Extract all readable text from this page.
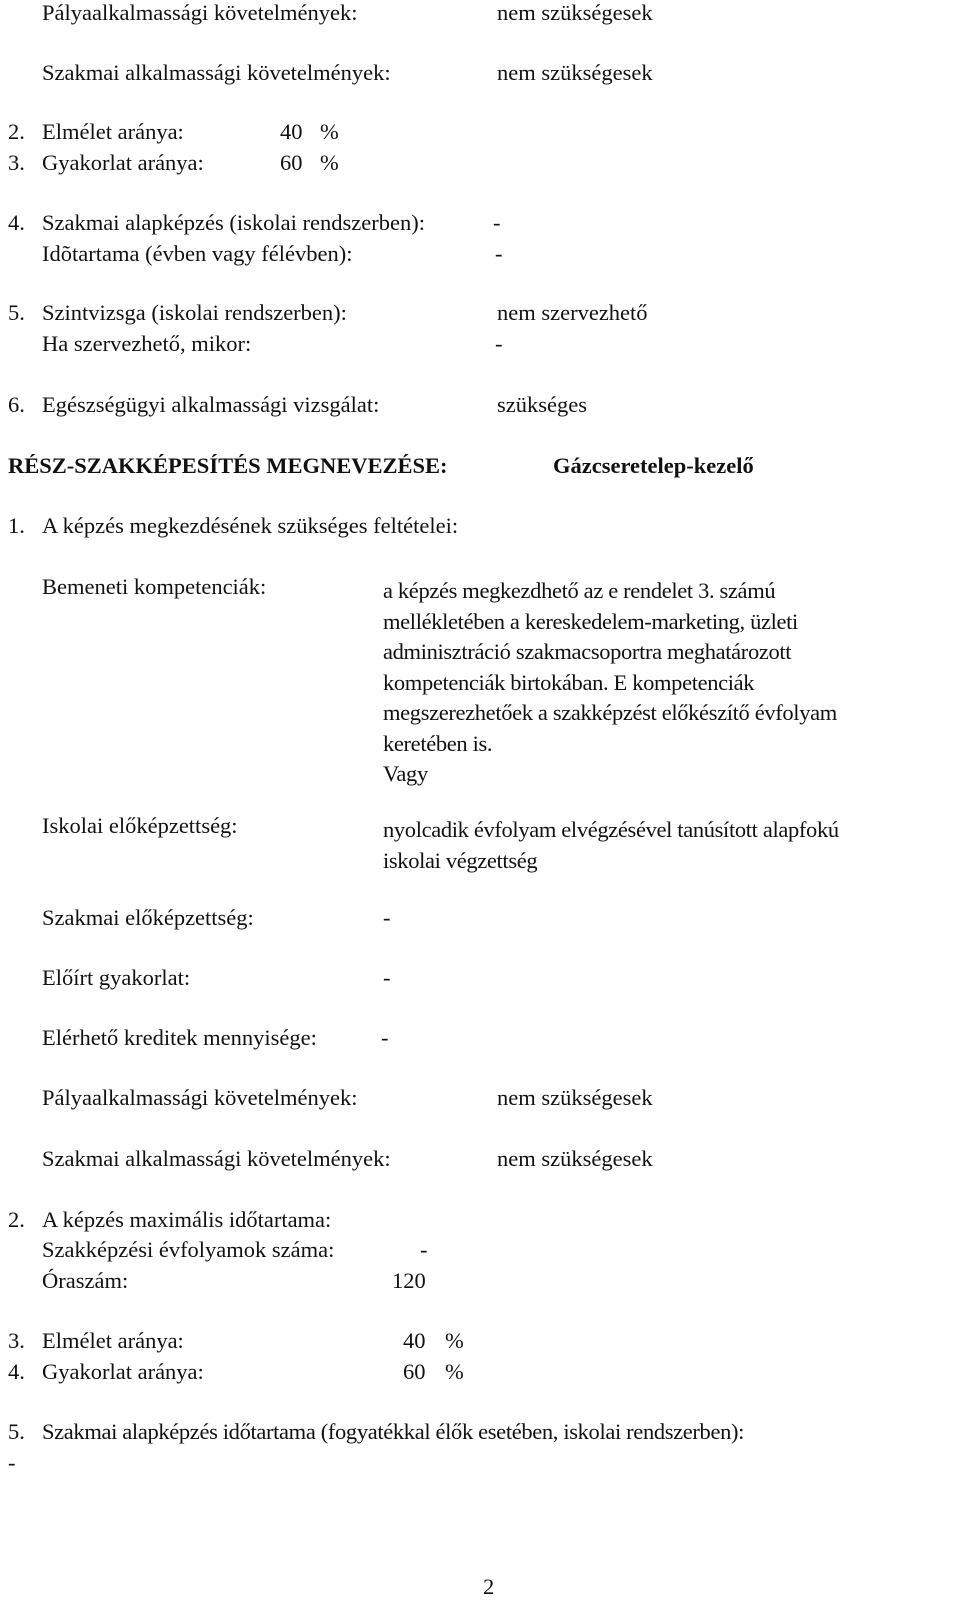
Pályaalkalmassági követelmények:	nem szükségesek
Szakmai alkalmassági követelmények:	nem szükségesek
2. Elmélet aránya:	40 %
3. Gyakorlat aránya:	60 %
4. Szakmai alapképzés (iskolai rendszerben):	-
Idõtartama (évben vagy félévben):	-
5. Szintvizsga (iskolai rendszerben):	nem szervezhető
Ha szervezhető, mikor:	-
6. Egészségügyi alkalmassági vizsgálat:	szükséges
RÉSZ-SZAKKÉPESÍTÉS MEGNEVEZÉSE:	Gázcseretelep-kezelő
1. A képzés megkezdésének szükséges feltételei:
Bemeneti kompetenciák:	a képzés megkezdhető az e rendelet 3. számú
mellékletében a kereskedelem-marketing, üzleti
adminisztráció szakmacsoportra meghatározott
kompetenciák birtokában. E kompetenciák
megszerezhetőek a szakképzést előkészítő évfolyam
keretében is.
Vagy
Iskolai előképzettség:	nyolcadik évfolyam elvégzésével tanúsított alapfokú
iskolai végzettség
Szakmai előképzettség:	-
Előírt gyakorlat:	-
Elérhető kreditek mennyisége:	-
Pályaalkalmassági követelmények:	nem szükségesek
Szakmai alkalmassági követelmények:	nem szükségesek
2. A képzés maximális időtartama:
Szakképzési évfolyamok száma:	-
Óraszám:	120
3. Elmélet aránya:	40 %
4. Gyakorlat aránya:	60 %
5. Szakmai alapképzés időtartama (fogyatékkal élők esetében, iskolai rendszerben):
-
2
